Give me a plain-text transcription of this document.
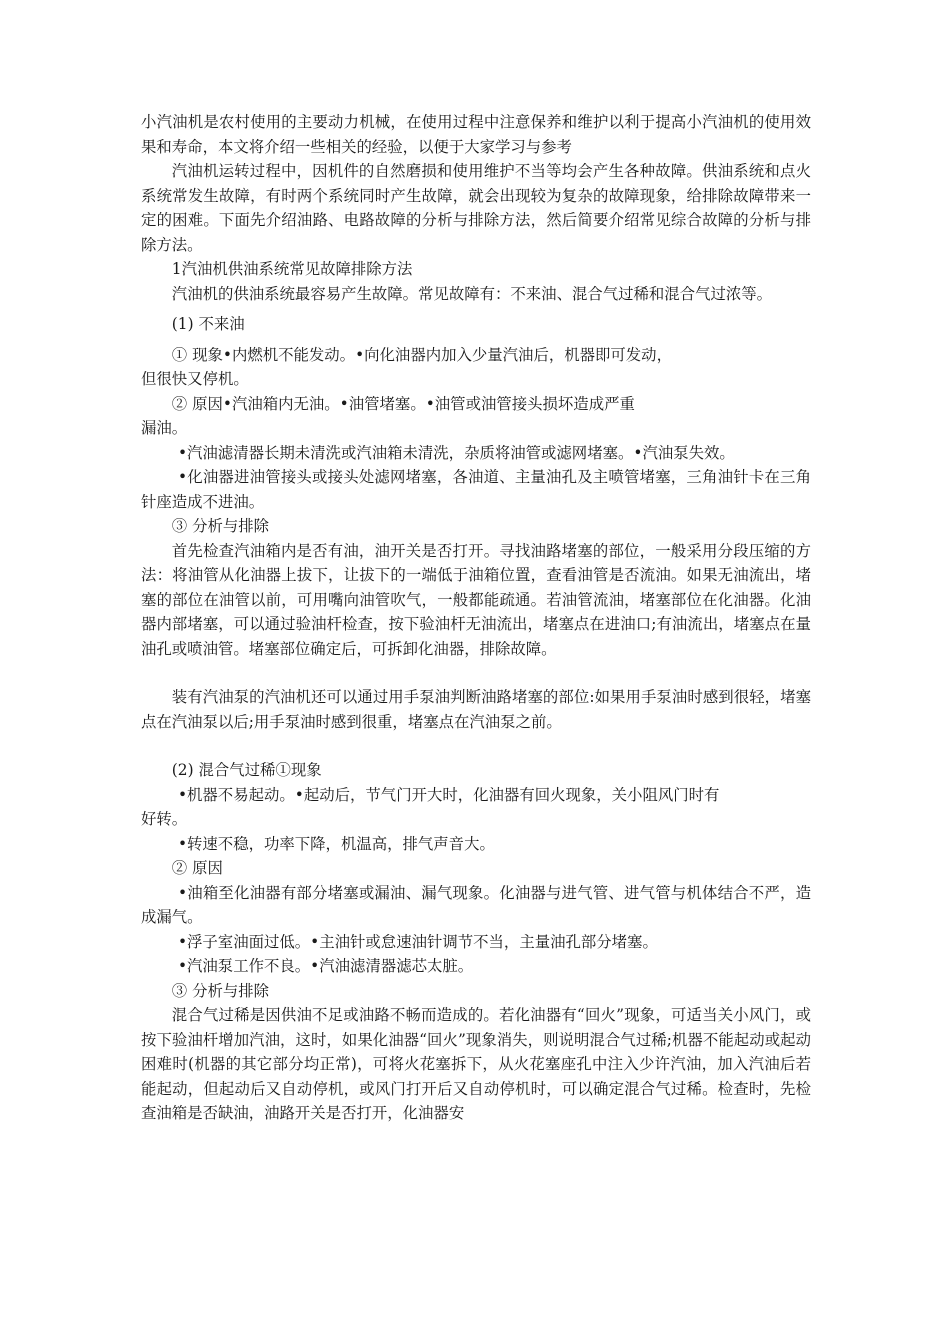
小汽油机是农村使用的主要动力机械，在使用过程中注意保养和维护以利于提高小汽油机的使用效果和寿命，本文将介绍一些相关的经验，以便于大家学习与参考

汽油机运转过程中，因机件的自然磨损和使用维护不当等均会产生各种故障。供油系统和点火系统常发生故障，有时两个系统同时产生故障，就会出现较为复杂的故障现象，给排除故障带来一定的困难。下面先介绍油路、电路故障的分析与排除方法，然后简要介绍常见综合故障的分析与排除方法。

1汽油机供油系统常见故障排除方法

汽油机的供油系统最容易产生故障。常见故障有：不来油、混合气过稀和混合气过浓等。

(1) 不来油

① 现象•内燃机不能发动。•向化油器内加入少量汽油后，机器即可发动，

但很快又停机。

② 原因•汽油箱内无油。•油管堵塞。•油管或油管接头损坏造成严重

漏油。

•汽油滤清器长期未清洗或汽油箱未清洗，杂质将油管或滤网堵塞。•汽油泵失效。

•化油器进油管接头或接头处滤网堵塞，各油道、主量油孔及主喷管堵塞，三角油针卡在三角针座造成不进油。

③ 分析与排除

首先检查汽油箱内是否有油，油开关是否打开。寻找油路堵塞的部位，一般采用分段压缩的方法：将油管从化油器上拔下，让拔下的一端低于油箱位置，查看油管是否流油。如果无油流出，堵塞的部位在油管以前，可用嘴向油管吹气，一般都能疏通。若油管流油，堵塞部位在化油器。化油器内部堵塞，可以通过验油杆检查，按下验油杆无油流出，堵塞点在进油口;有油流出，堵塞点在量油孔或喷油管。堵塞部位确定后，可拆卸化油器，排除故障。

装有汽油泵的汽油机还可以通过用手泵油判断油路堵塞的部位:如果用手泵油时感到很轻，堵塞点在汽油泵以后;用手泵油时感到很重，堵塞点在汽油泵之前。

(2) 混合气过稀①现象

•机器不易起动。•起动后，节气门开大时，化油器有回火现象，关小阻风门时有

好转。

•转速不稳，功率下降，机温高，排气声音大。

② 原因

•油箱至化油器有部分堵塞或漏油、漏气现象。化油器与进气管、进气管与机体结合不严，造成漏气。

•浮子室油面过低。•主油针或怠速油针调节不当，主量油孔部分堵塞。

•汽油泵工作不良。•汽油滤清器滤芯太脏。

③ 分析与排除

混合气过稀是因供油不足或油路不畅而造成的。若化油器有“回火”现象，可适当关小风门，或按下验油杆增加汽油，这时，如果化油器“回火”现象消失，则说明混合气过稀;机器不能起动或起动困难时(机器的其它部分均正常)，可将火花塞拆下，从火花塞座孔中注入少许汽油，加入汽油后若能起动，但起动后又自动停机，或风门打开后又自动停机时，可以确定混合气过稀。检查时，先检查油箱是否缺油，油路开关是否打开，化油器安
